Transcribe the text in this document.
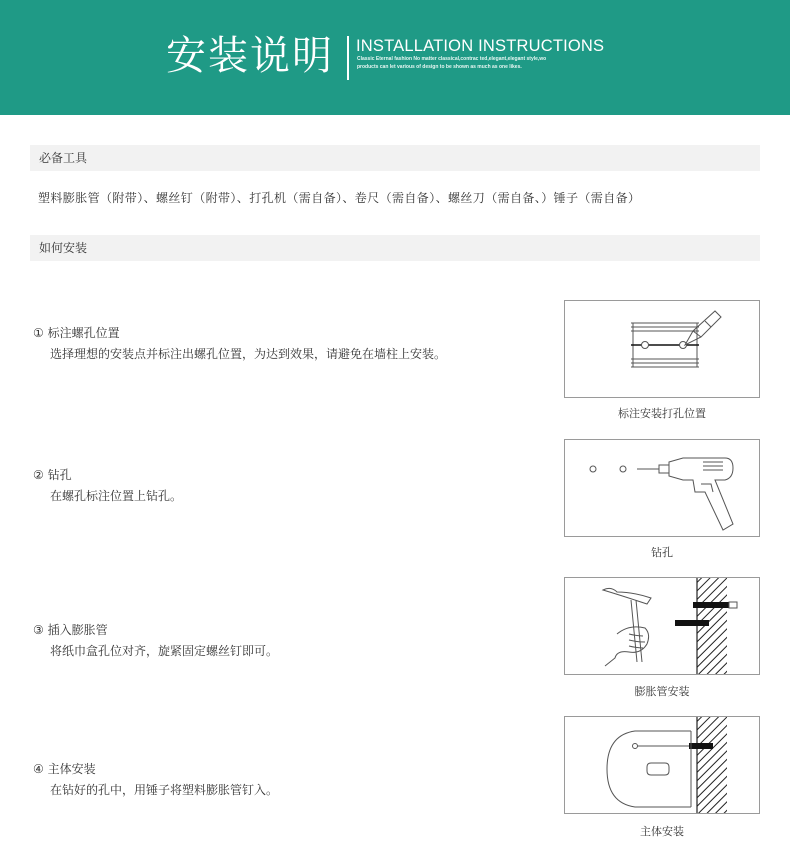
安装说明 INSTALLATION INSTRUCTIONS
Classic Eternal fashion No matter classical,contrac ted,elegant,elegant style,wo products can let various of design to be shown as much as one likes.
必备工具
塑料膨胀管（附带）、螺丝钉（附带）、打孔机（需自备）、卷尺（需自备）、螺丝刀（需自备、）锤子（需自备）
如何安装
① 标注螺孔位置
选择理想的安装点并标注出螺孔位置，为达到效果，请避免在墙柱上安装。
标注安装打孔位置
② 钻孔
在螺孔标注位置上钻孔。
钻孔
③ 插入膨胀管
将纸巾盒孔位对齐，旋紧固定螺丝钉即可。
膨胀管安装
④ 主体安装
在钻好的孔中，用锤子将塑料膨胀管钉入。
主体安装
